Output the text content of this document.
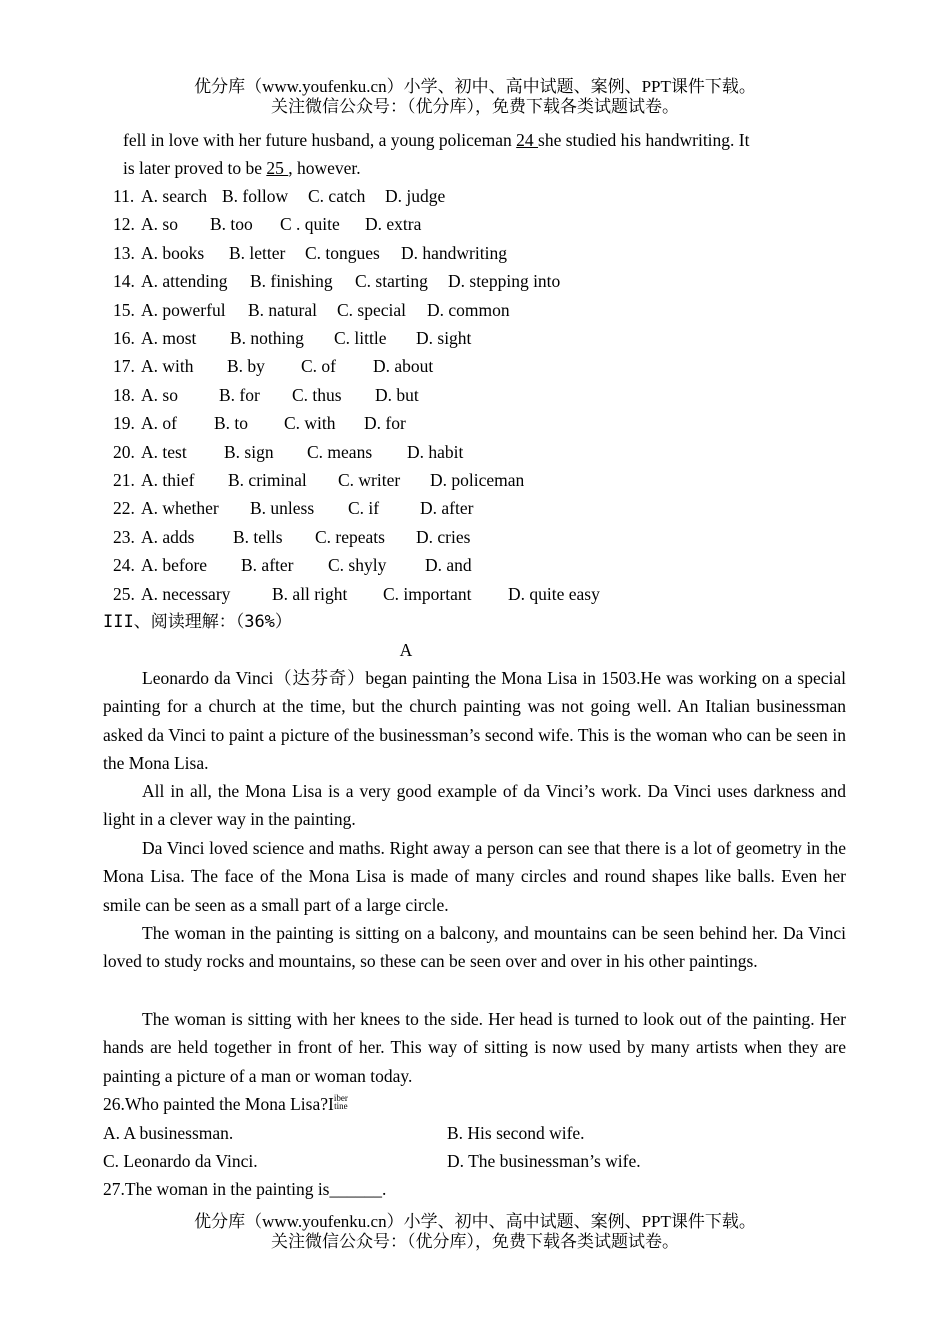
优分库（www.youfenku.cn）小学、初中、高中试题、案例、PPT课件下载。
关注微信公众号：（优分库），免费下载各类试题试卷。
fell in love with her future husband, a young policeman 24 she studied his handwriting. It
is later proved to be 25 , however.
11. A. search B. follow C. catch D. judge
12. A. so B. too C . quite D. extra
13. A. books B. letter C. tongues D. handwriting
14. A. attending B. finishing C. starting D. stepping into
15. A. powerful B. natural C. special D. common
16. A. most B. nothing C. little D. sight
17. A. with B. by C. of D. about
18. A. so B. for C. thus D. but
19. A. of B. to C. with D. for
20. A. test B. sign C. means D. habit
21. A. thief B. criminal C. writer D. policeman
22. A. whether B. unless C. if D. after
23. A. adds B. tells C. repeats D. cries
24. A. before B. after C. shyly D. and
25. A. necessary B. all right C. important D. quite easy
III、阅读理解：（36%）
A
Leonardo da Vinci（达芬奇）began painting the Mona Lisa in 1503.He was working on a special painting for a church at the time, but the church painting was not going well. An Italian businessman asked da Vinci to paint a picture of the businessman’s second wife. This is the woman who can be seen in the Mona Lisa.
All in all, the Mona Lisa is a very good example of da Vinci’s work. Da Vinci uses darkness and light in a clever way in the painting.
Da Vinci loved science and maths. Right away a person can see that there is a lot of geometry in the Mona Lisa. The face of the Mona Lisa is made of many circles and round shapes like balls. Even her smile can be seen as a small part of a large circle.
The woman in the painting is sitting on a balcony, and mountains can be seen behind her. Da Vinci loved to study rocks and mountains, so these can be seen over and over in his other paintings.
The woman is sitting with her knees to the side. Her head is turned to look out of the painting. Her hands are held together in front of her. This way of sitting is now used by many artists when they are painting a picture of a man or woman today.
26.Who painted the Mona Lisa?Iiber
tine
A. A businessman.	B. His second wife.
C. Leonardo da Vinci.	D. The businessman’s wife.
27.The woman in the painting is______.
优分库（www.youfenku.cn）小学、初中、高中试题、案例、PPT课件下载。
关注微信公众号：（优分库），免费下载各类试题试卷。
